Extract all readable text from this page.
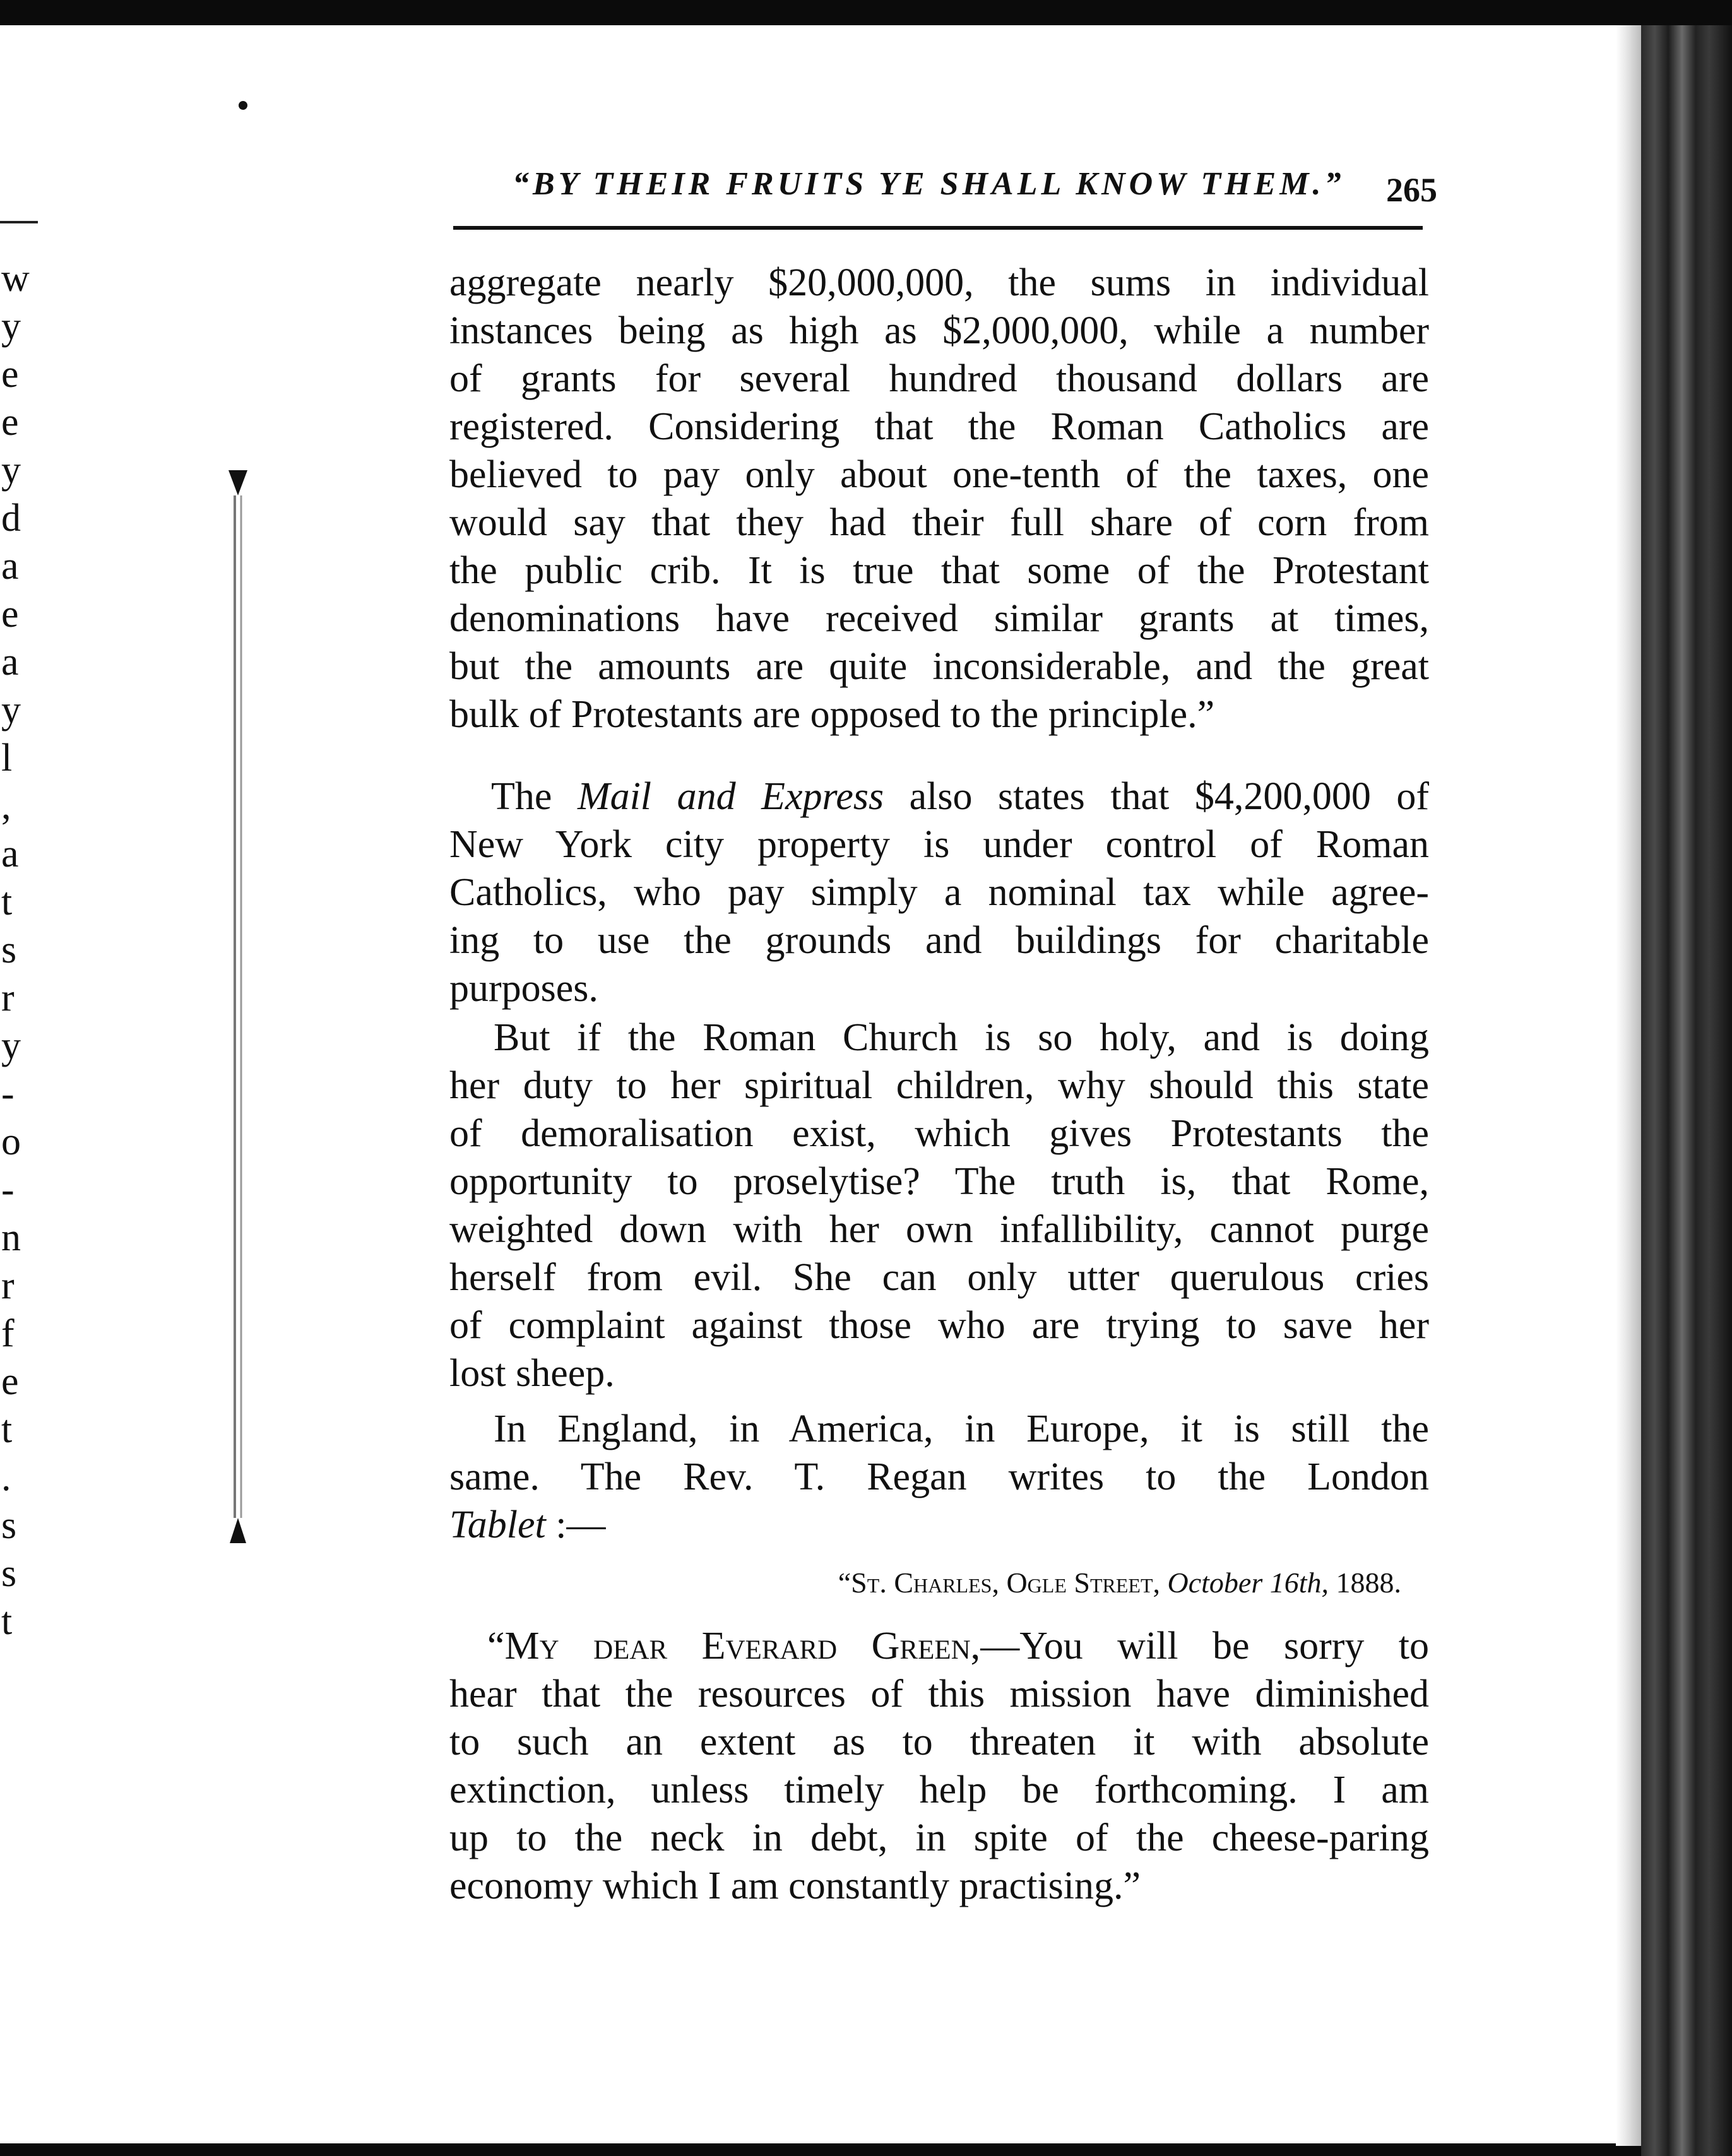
w
y
e
e
y
d
a
e
a
y
l
,
a
t
s
r
y
-
o
-
n
r
f
e
t
.
s
s
t
“BY THEIR FRUITS YE SHALL KNOW THEM.” 265
aggregate nearly $20,000,000, the sums in individual
instances being as high as $2,000,000, while a number
of grants for several hundred thousand dollars are
registered. Considering that the Roman Catholics are
believed to pay only about one-tenth of the taxes, one
would say that they had their full share of corn from
the public crib. It is true that some of the Protestant
denominations have received similar grants at times,
but the amounts are quite inconsiderable, and the great
bulk of Protestants are opposed to the principle.”
The Mail and Express also states that $4,200,000 of
New York city property is under control of Roman
Catholics, who pay simply a nominal tax while agree-
ing to use the grounds and buildings for charitable
purposes.
But if the Roman Church is so holy, and is doing
her duty to her spiritual children, why should this state
of demoralisation exist, which gives Protestants the
opportunity to proselytise? The truth is, that Rome,
weighted down with her own infallibility, cannot purge
herself from evil. She can only utter querulous cries
of complaint against those who are trying to save her
lost sheep.
In England, in America, in Europe, it is still the
same. The Rev. T. Regan writes to the London
Tablet :—
“St. Charles, Ogle Street, October 16th, 1888.
“My dear Everard Green,—You will be sorry to
hear that the resources of this mission have diminished
to such an extent as to threaten it with absolute
extinction, unless timely help be forthcoming. I am
up to the neck in debt, in spite of the cheese-paring
economy which I am constantly practising.”
